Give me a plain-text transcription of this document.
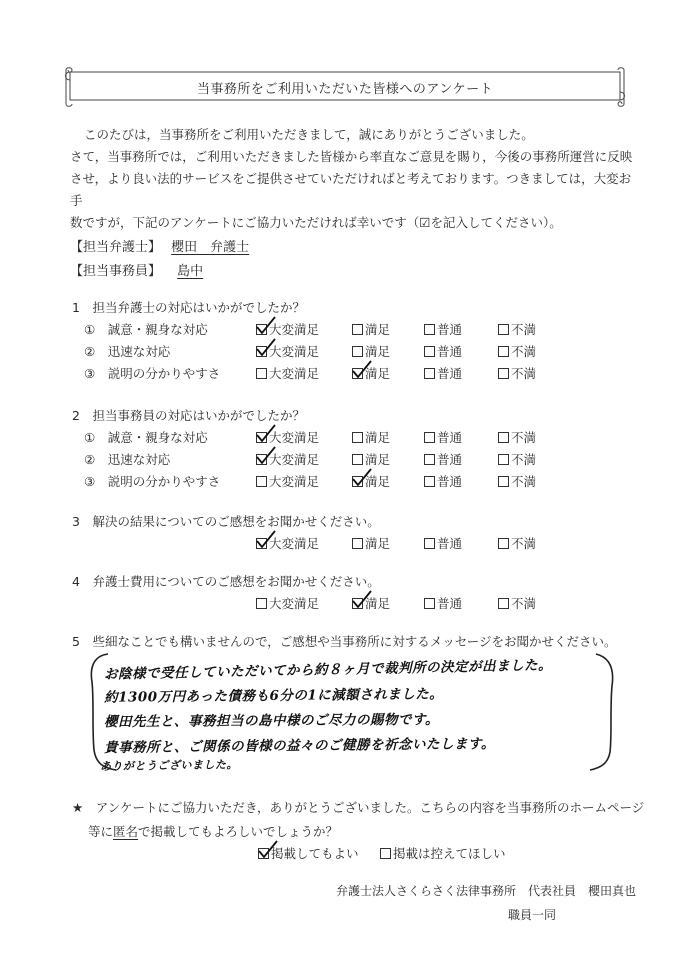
当事務所をご利用いただいた皆様へのアンケート
このたびは，当事務所をご利用いただきまして，誠にありがとうございました。
さて，当事務所では，ご利用いただきました皆様から率直なご意見を賜り，今後の事務所運営に反映
させ，より良い法的サービスをご提供させていただければと考えております。つきましては，大変お手
数ですが，下記のアンケートにご協力いただければ幸いです（☑を記入してください）。
【担当弁護士】 櫻田　弁護士
【担当事務員】 島中
1　担当弁護士の対応はいかがでしたか？
①　誠意・親身な対応	大変満足	満足	普通	不満
②　迅速な対応	大変満足	満足	普通	不満
③　説明の分かりやすさ	大変満足	満足	普通	不満
2　担当事務員の対応はいかがでしたか？
①　誠意・親身な対応	大変満足	満足	普通	不満
②　迅速な対応	大変満足	満足	普通	不満
③　説明の分かりやすさ	大変満足	満足	普通	不満
3　解決の結果についてのご感想をお聞かせください。
大変満足	満足	普通	不満
4　弁護士費用についてのご感想をお聞かせください。
大変満足	満足	普通	不満
5　些細なことでも構いませんので，ご感想や当事務所に対するメッセージをお聞かせください。
お陰様で受任していただいてから約８ヶ月で裁判所の決定が出ました。
約1300万円あった債務も6分の1に減額されました。
櫻田先生と、事務担当の島中様のご尽力の賜物です。
貴事務所と、ご関係の皆様の益々のご健勝を祈念いたします。
ありがとうございました。
★　アンケートにご協力いただき，ありがとうございました。こちらの内容を当事務所のホームページ
等に匿名で掲載してもよろしいでしょうか？
掲載してもよい	掲載は控えてほしい
弁護士法人さくらさく法律事務所　代表社員　櫻田真也
職員一同
